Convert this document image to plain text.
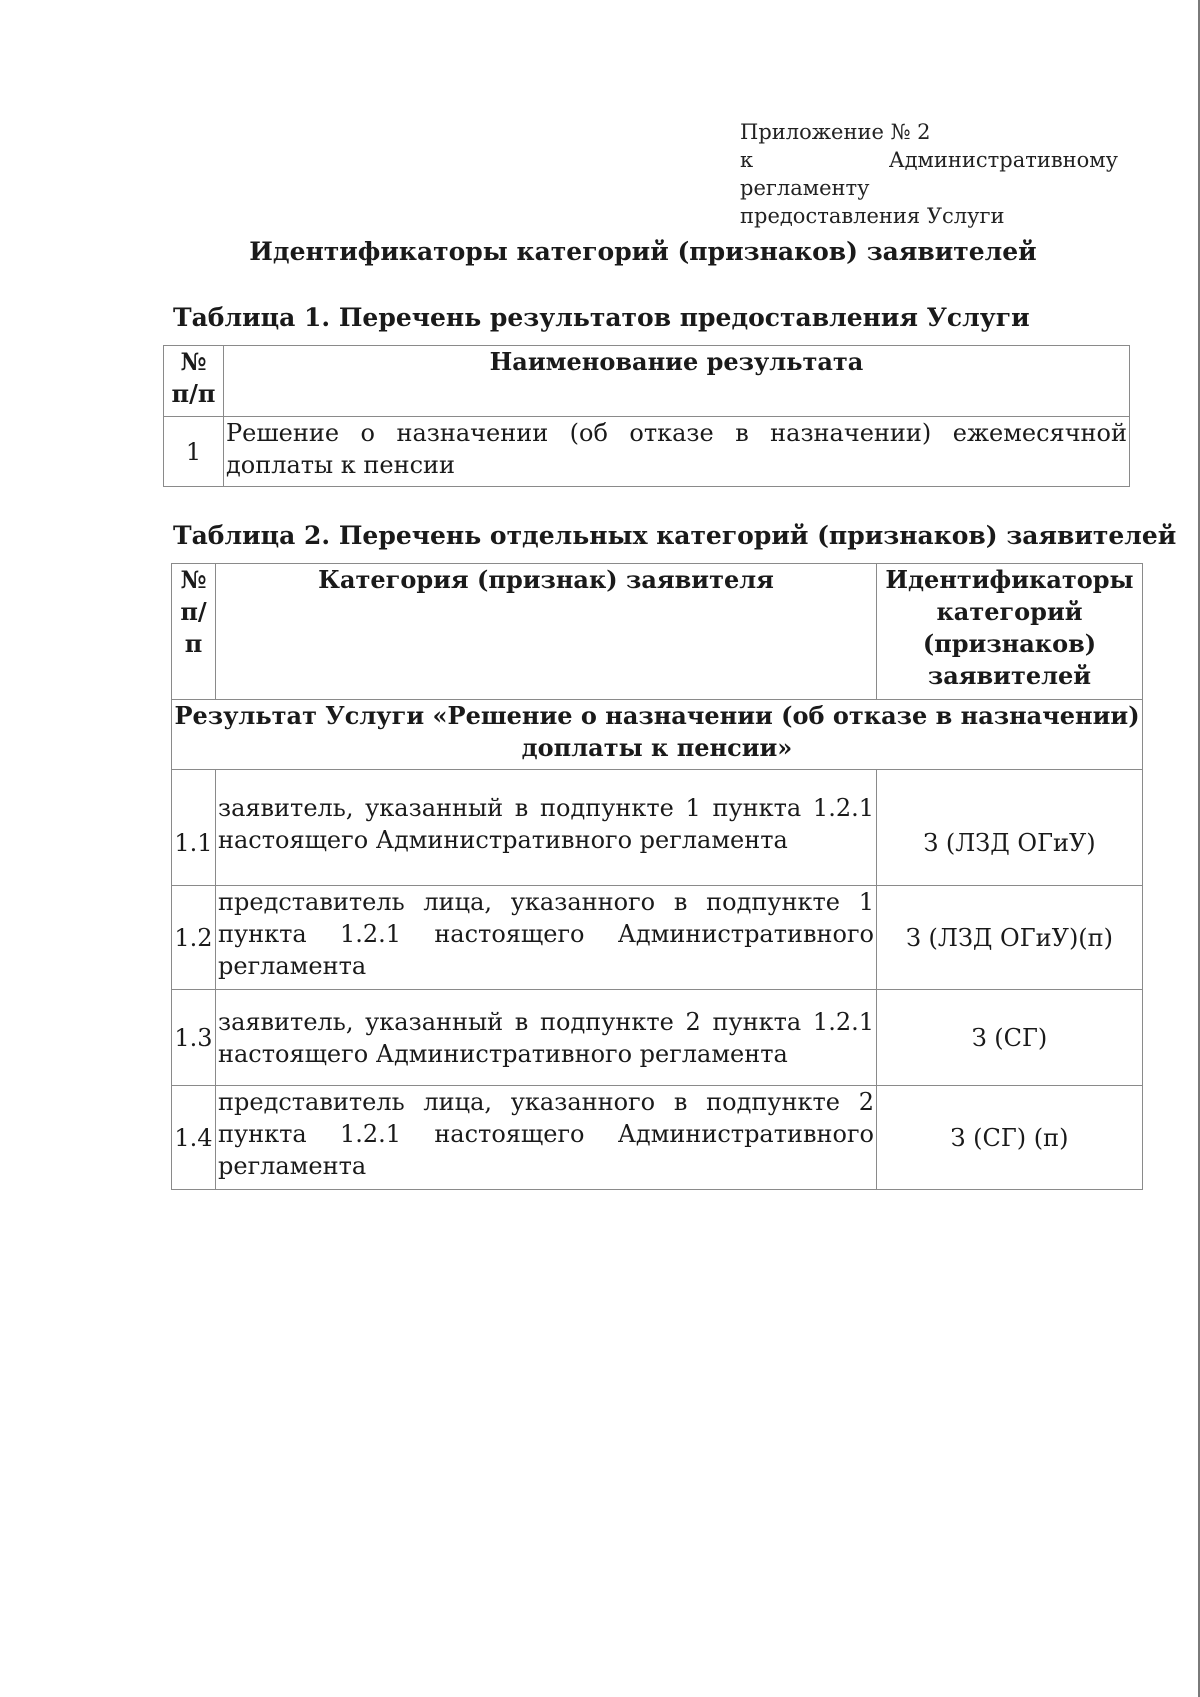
Приложение № 2
к Административному регламенту
предоставления Услуги
Идентификаторы категорий (признаков) заявителей
Таблица 1. Перечень результатов предоставления Услуги
№ п/п	Наименование результата
1	Решение о назначении (об отказе в назначении) ежемесячной доплаты к пенсии
Таблица 2. Перечень отдельных категорий (признаков) заявителей
№ п/п	Категория (признак) заявителя	Идентификаторы категорий (признаков) заявителей
Результат Услуги «Решение о назначении (об отказе в назначении) доплаты к пенсии»		
1.1	заявитель, указанный в подпункте 1 пункта 1.2.1 настоящего Административного регламента	З (ЛЗД ОГиУ)
1.2	представитель лица, указанного в подпункте 1 пункта 1.2.1 настоящего Административного регламента	З (ЛЗД ОГиУ)(п)
1.3	заявитель, указанный в подпункте 2 пункта 1.2.1 настоящего Административного регламента	З (СГ)
1.4	представитель лица, указанного в подпункте 2 пункта 1.2.1 настоящего Административного регламента	З (СГ) (п)
